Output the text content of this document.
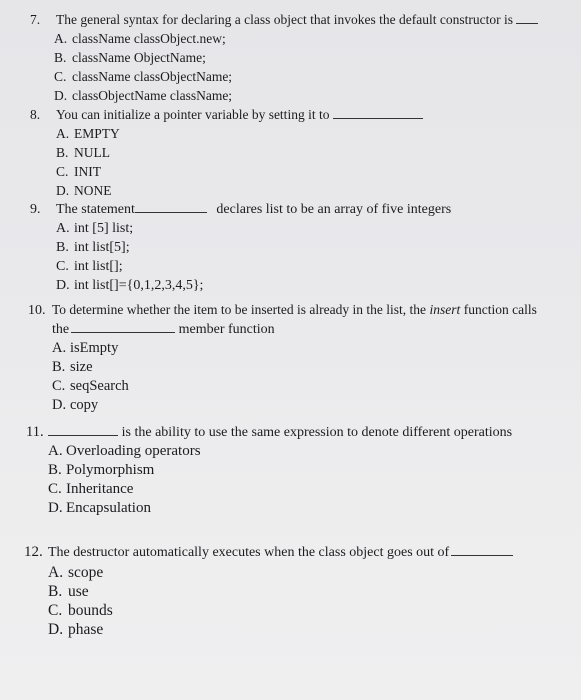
7. The general syntax for declaring a class object that invokes the default constructor is
A. className classObject.new;
B. className ObjectName;
C. className classObjectName;
D. classObjectName className;
8. You can initialize a pointer variable by setting it to
A. EMPTY
B. NULL
C. INIT
D. NONE
9. The statement	declares list to be an array of five integers
A. int [5] list;
B. int list[5];
C. int list[];
D. int list[]={0,1,2,3,4,5};
10. To determine whether the item to be inserted is already in the list, the insert function calls
the	member function
A. isEmpty
B. size
C. seqSearch
D. copy
11.	is the ability to use the same expression to denote different operations
A. Overloading operators
B. Polymorphism
C. Inheritance
D. Encapsulation
12. The destructor automatically executes when the class object goes out of
A. scope
B. use
C. bounds
D. phase
